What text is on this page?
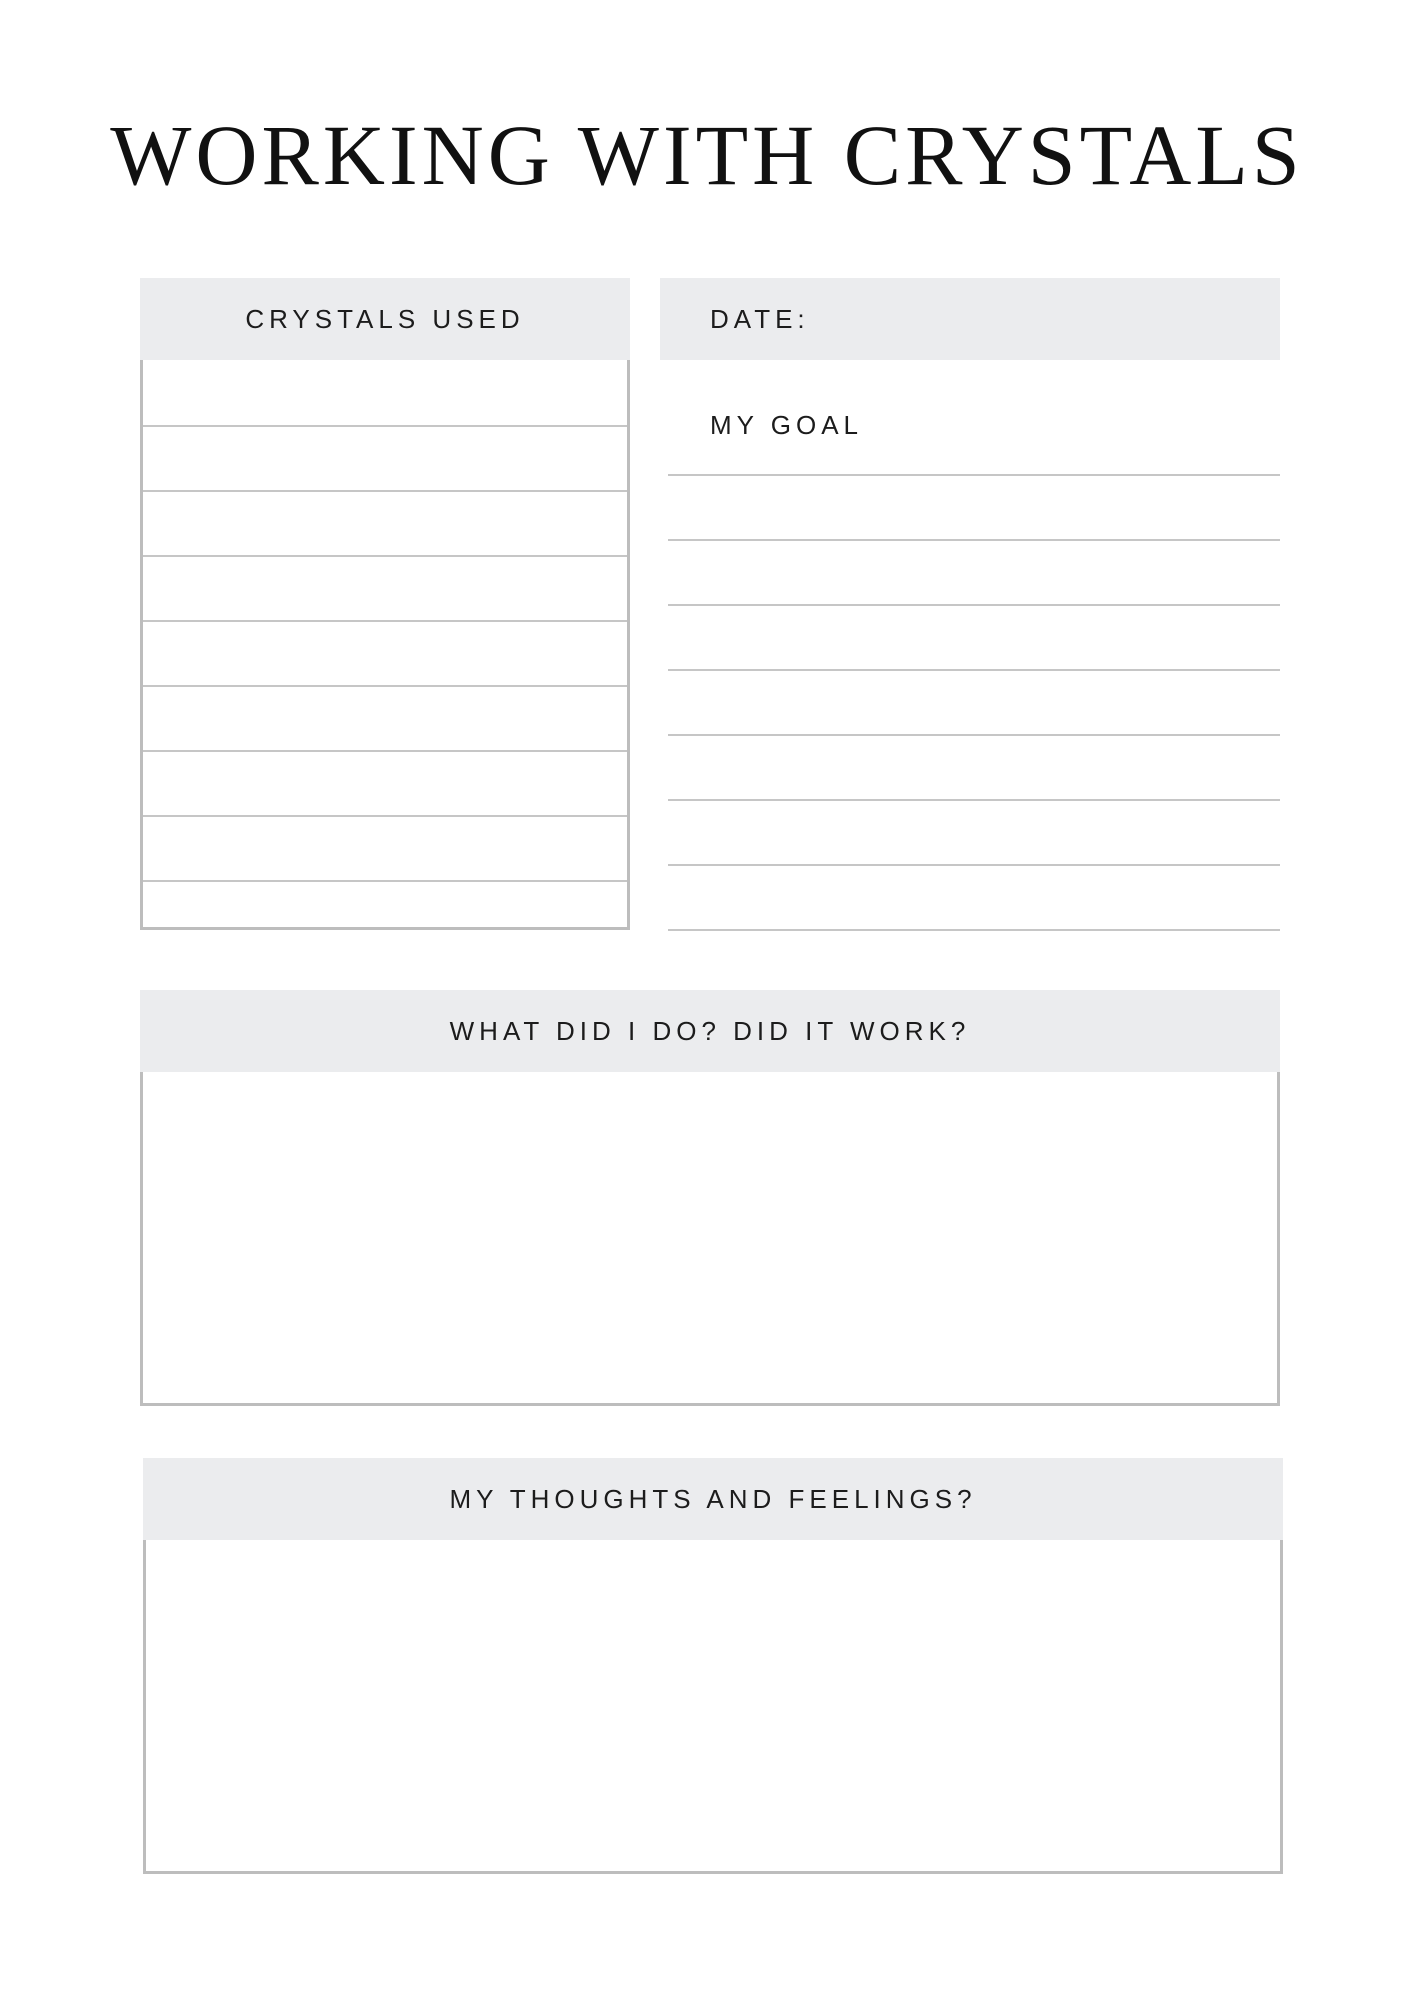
WORKING WITH CRYSTALS
CRYSTALS USED	DATE:
MY GOAL
WHAT DID I DO? DID IT WORK?
MY THOUGHTS AND FEELINGS?
